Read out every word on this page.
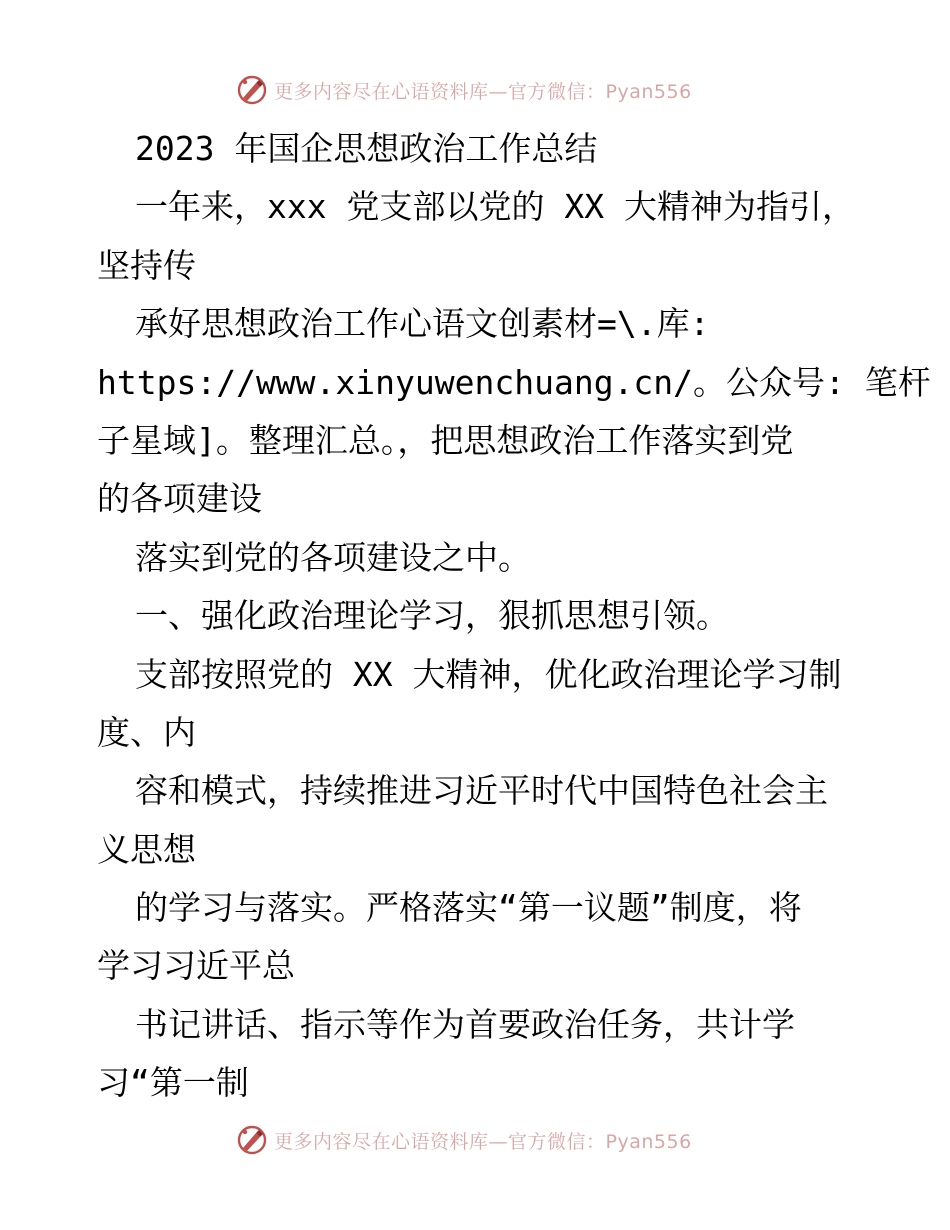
更多内容尽在心语资料库—官方微信：Pyan556
2023 年国企思想政治工作总结
一年来，xxx 党支部以党的 XX 大精神为指引，
坚持传
承好思想政治工作心语文创素材=\.库:
https://www.xinyuwenchuang.cn/。公众号: 笔杆
子星域]。整理汇总。，把思想政治工作落实到党
的各项建设
落实到党的各项建设之中。
一、强化政治理论学习，狠抓思想引领。
支部按照党的 XX 大精神，优化政治理论学习制
度、内
容和模式，持续推进习近平时代中国特色社会主
义思想
的学习与落实。严格落实“第一议题”制度，将
学习习近平总
书记讲话、指示等作为首要政治任务，共计学
习“第一制
更多内容尽在心语资料库—官方微信：Pyan556
